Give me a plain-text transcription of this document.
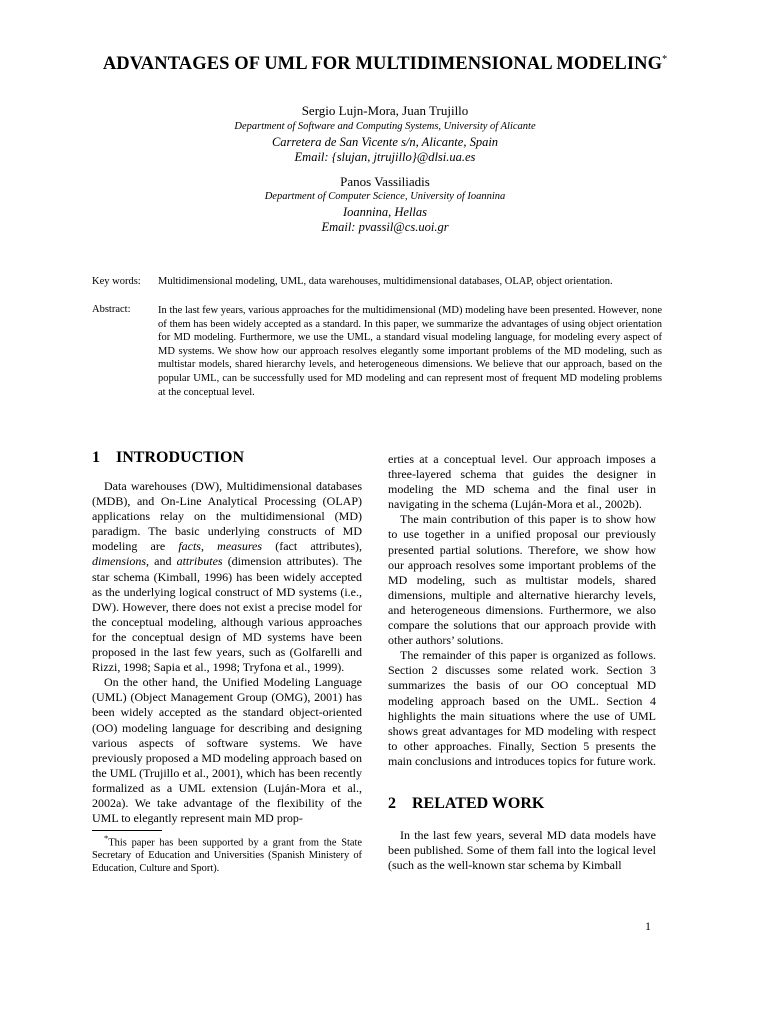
ADVANTAGES OF UML FOR MULTIDIMENSIONAL MODELING*
Sergio Lujn-Mora, Juan Trujillo
Department of Software and Computing Systems, University of Alicante
Carretera de San Vicente s/n, Alicante, Spain
Email: {slujan, jtrujillo}@dlsi.ua.es
Panos Vassiliadis
Department of Computer Science, University of Ioannina
Ioannina, Hellas
Email: pvassil@cs.uoi.gr
Key words: Multidimensional modeling, UML, data warehouses, multidimensional databases, OLAP, object orientation.
Abstract:	In the last few years, various approaches for the multidimensional (MD) modeling have been presented. However, none of them has been widely accepted as a standard. In this paper, we summarize the advantages of using object orientation for MD modeling. Furthermore, we use the UML, a standard visual modeling language, for modeling every aspect of MD systems. We show how our approach resolves elegantly some important problems of the MD modeling, such as multistar models, shared hierarchy levels, and heterogeneous dimensions. We believe that our approach, based on the popular UML, can be successfully used for MD modeling and can represent most of frequent MD modeling problems at the conceptual level.
1 INTRODUCTION

Data warehouses (DW), Multidimensional databases (MDB), and On-Line Analytical Processing (OLAP) applications relay on the multidimensional (MD) paradigm. The basic underlying constructs of MD modeling are facts, measures (fact attributes), dimensions, and attributes (dimension attributes). The star schema (Kimball, 1996) has been widely accepted as the underlying logical construct of MD systems (i.e., DW). However, there does not exist a precise model for the conceptual modeling, although various approaches for the conceptual design of MD systems have been proposed in the last few years, such as (Golfarelli and Rizzi, 1998; Sapia et al., 1998; Tryfona et al., 1999).

On the other hand, the Unified Modeling Language (UML) (Object Management Group (OMG), 2001) has been widely accepted as the standard object-oriented (OO) modeling language for describing and designing various aspects of software systems. We have previously proposed a MD modeling approach based on the UML (Trujillo et al., 2001), which has been recently formalized as a UML extension (Luján-Mora et al., 2002a). We take advantage of the flexibility of the UML to elegantly represent main MD prop-

*This paper has been supported by a grant from the State Secretary of Education and Universities (Spanish Ministery of Education, Culture and Sport).

erties at a conceptual level. Our approach imposes a three-layered schema that guides the designer in modeling the MD schema and the final user in navigating in the schema (Luján-Mora et al., 2002b).

The main contribution of this paper is to show how to use together in a unified proposal our previously presented partial solutions. Therefore, we show how our approach resolves some important problems of the MD modeling, such as multistar models, shared dimensions, multiple and alternative hierarchy levels, and heterogeneous dimensions. Furthermore, we also compare the solutions that our approach provide with other authors’ solutions.

The remainder of this paper is organized as follows. Section 2 discusses some related work. Section 3 summarizes the basis of our OO conceptual MD modeling approach based on the UML. Section 4 highlights the main situations where the use of UML shows great advantages for MD modeling with respect to other approaches. Finally, Section 5 presents the main conclusions and introduces topics for future work.

2 RELATED WORK

In the last few years, several MD data models have been published. Some of them fall into the logical level (such as the well-known star schema by Kimball

1
